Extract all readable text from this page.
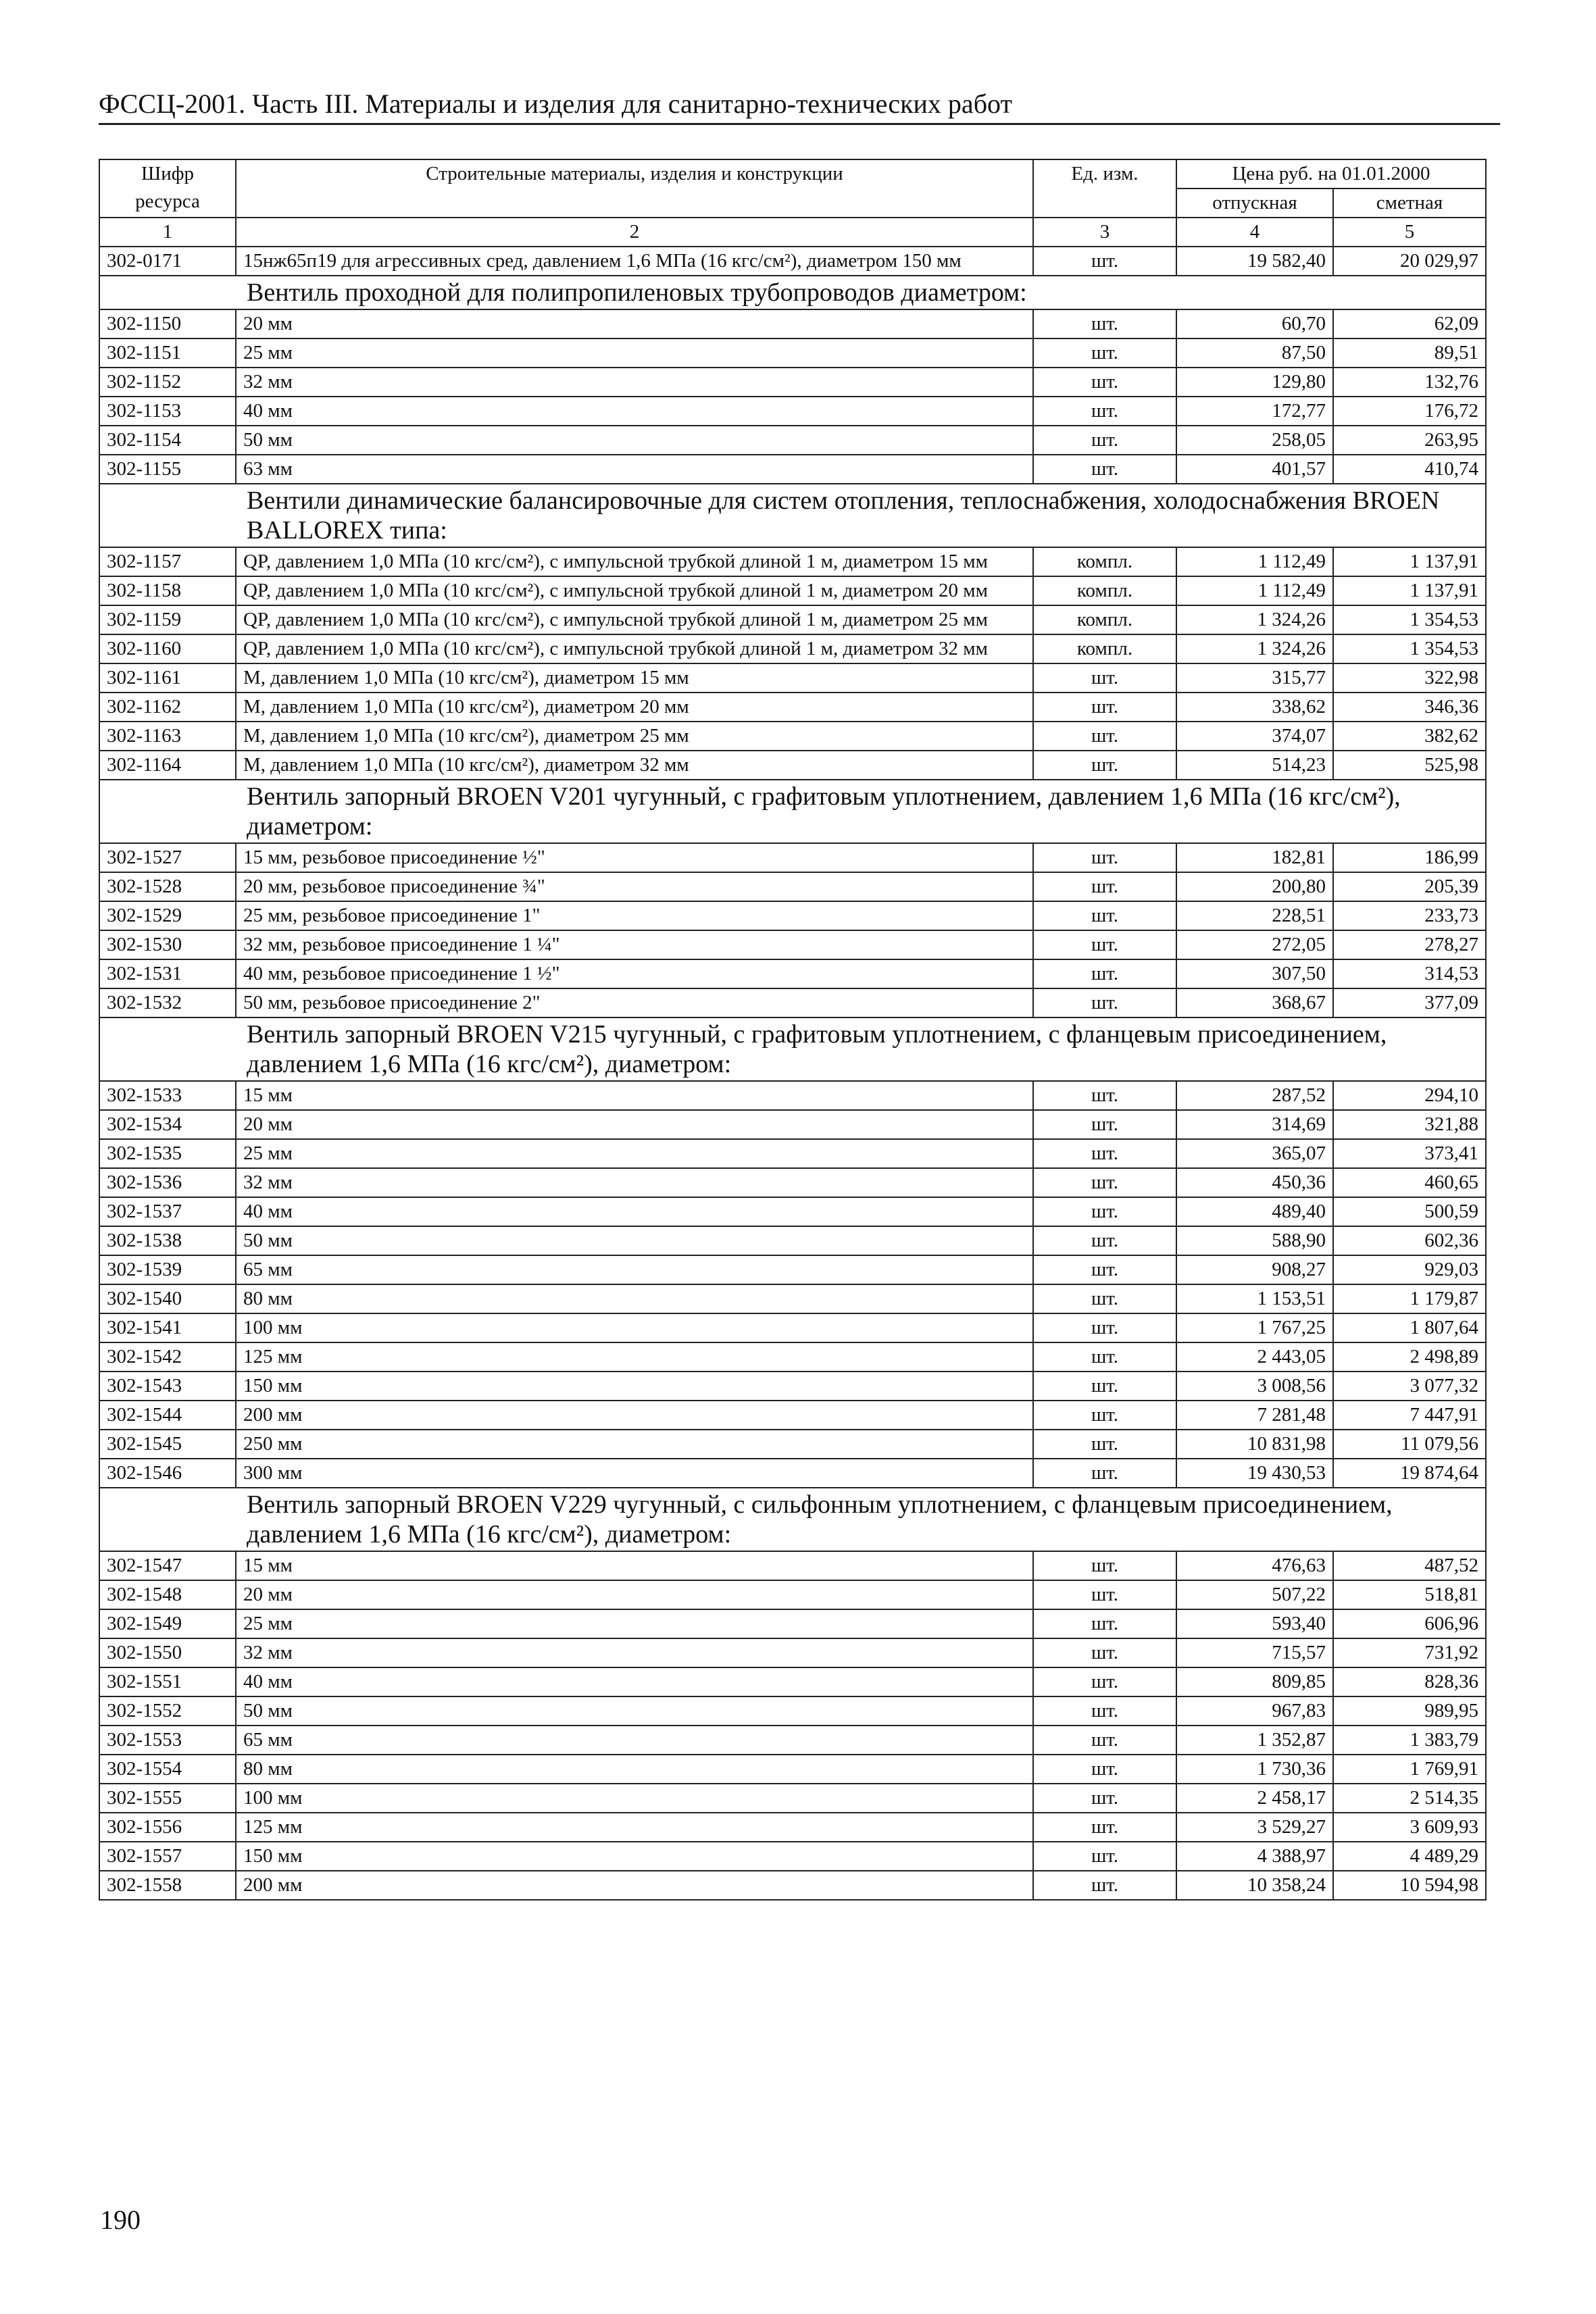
ФССЦ-2001. Часть III. Материалы и изделия для санитарно-технических работ
Шифр ресурса	Строительные материалы, изделия и конструкции	Ед. изм.	Цена руб. на 01.01.2000	
			отпускная	сметная
1	2	3	4	5
302-0171	15нж65п19 для агрессивных сред, давлением 1,6 МПа (16 кгс/см²), диаметром 150 мм	шт.	19 582,40	20 029,97
Вентиль проходной для полипропиленовых трубопроводов диаметром:				
302-1150	20 мм	шт.	60,70	62,09
302-1151	25 мм	шт.	87,50	89,51
302-1152	32 мм	шт.	129,80	132,76
302-1153	40 мм	шт.	172,77	176,72
302-1154	50 мм	шт.	258,05	263,95
302-1155	63 мм	шт.	401,57	410,74
Вентили динамические балансировочные для систем отопления, теплоснабжения, холодоснабжения BROEN BALLOREX типа:				
302-1157	QP, давлением 1,0 МПа (10 кгс/см²), с импульсной трубкой длиной 1 м, диаметром 15 мм	компл.	1 112,49	1 137,91
302-1158	QP, давлением 1,0 МПа (10 кгс/см²), с импульсной трубкой длиной 1 м, диаметром 20 мм	компл.	1 112,49	1 137,91
302-1159	QP, давлением 1,0 МПа (10 кгс/см²), с импульсной трубкой длиной 1 м, диаметром 25 мм	компл.	1 324,26	1 354,53
302-1160	QP, давлением 1,0 МПа (10 кгс/см²), с импульсной трубкой длиной 1 м, диаметром 32 мм	компл.	1 324,26	1 354,53
302-1161	M, давлением 1,0 МПа (10 кгс/см²), диаметром 15 мм	шт.	315,77	322,98
302-1162	M, давлением 1,0 МПа (10 кгс/см²), диаметром 20 мм	шт.	338,62	346,36
302-1163	M, давлением 1,0 МПа (10 кгс/см²), диаметром 25 мм	шт.	374,07	382,62
302-1164	M, давлением 1,0 МПа (10 кгс/см²), диаметром 32 мм	шт.	514,23	525,98
Вентиль запорный BROEN V201 чугунный, с графитовым уплотнением, давлением 1,6 МПа (16 кгс/см²), диаметром:				
302-1527	15 мм, резьбовое присоединение ½"	шт.	182,81	186,99
302-1528	20 мм, резьбовое присоединение ¾"	шт.	200,80	205,39
302-1529	25 мм, резьбовое присоединение 1"	шт.	228,51	233,73
302-1530	32 мм, резьбовое присоединение 1 ¼"	шт.	272,05	278,27
302-1531	40 мм, резьбовое присоединение 1 ½"	шт.	307,50	314,53
302-1532	50 мм, резьбовое присоединение 2"	шт.	368,67	377,09
Вентиль запорный BROEN V215 чугунный, с графитовым уплотнением, с фланцевым присоединением, давлением 1,6 МПа (16 кгс/см²), диаметром:				
302-1533	15 мм	шт.	287,52	294,10
302-1534	20 мм	шт.	314,69	321,88
302-1535	25 мм	шт.	365,07	373,41
302-1536	32 мм	шт.	450,36	460,65
302-1537	40 мм	шт.	489,40	500,59
302-1538	50 мм	шт.	588,90	602,36
302-1539	65 мм	шт.	908,27	929,03
302-1540	80 мм	шт.	1 153,51	1 179,87
302-1541	100 мм	шт.	1 767,25	1 807,64
302-1542	125 мм	шт.	2 443,05	2 498,89
302-1543	150 мм	шт.	3 008,56	3 077,32
302-1544	200 мм	шт.	7 281,48	7 447,91
302-1545	250 мм	шт.	10 831,98	11 079,56
302-1546	300 мм	шт.	19 430,53	19 874,64
Вентиль запорный BROEN V229 чугунный, с сильфонным уплотнением, с фланцевым присоединением, давлением 1,6 МПа (16 кгс/см²), диаметром:				
302-1547	15 мм	шт.	476,63	487,52
302-1548	20 мм	шт.	507,22	518,81
302-1549	25 мм	шт.	593,40	606,96
302-1550	32 мм	шт.	715,57	731,92
302-1551	40 мм	шт.	809,85	828,36
302-1552	50 мм	шт.	967,83	989,95
302-1553	65 мм	шт.	1 352,87	1 383,79
302-1554	80 мм	шт.	1 730,36	1 769,91
302-1555	100 мм	шт.	2 458,17	2 514,35
302-1556	125 мм	шт.	3 529,27	3 609,93
302-1557	150 мм	шт.	4 388,97	4 489,29
302-1558	200 мм	шт.	10 358,24	10 594,98
190
